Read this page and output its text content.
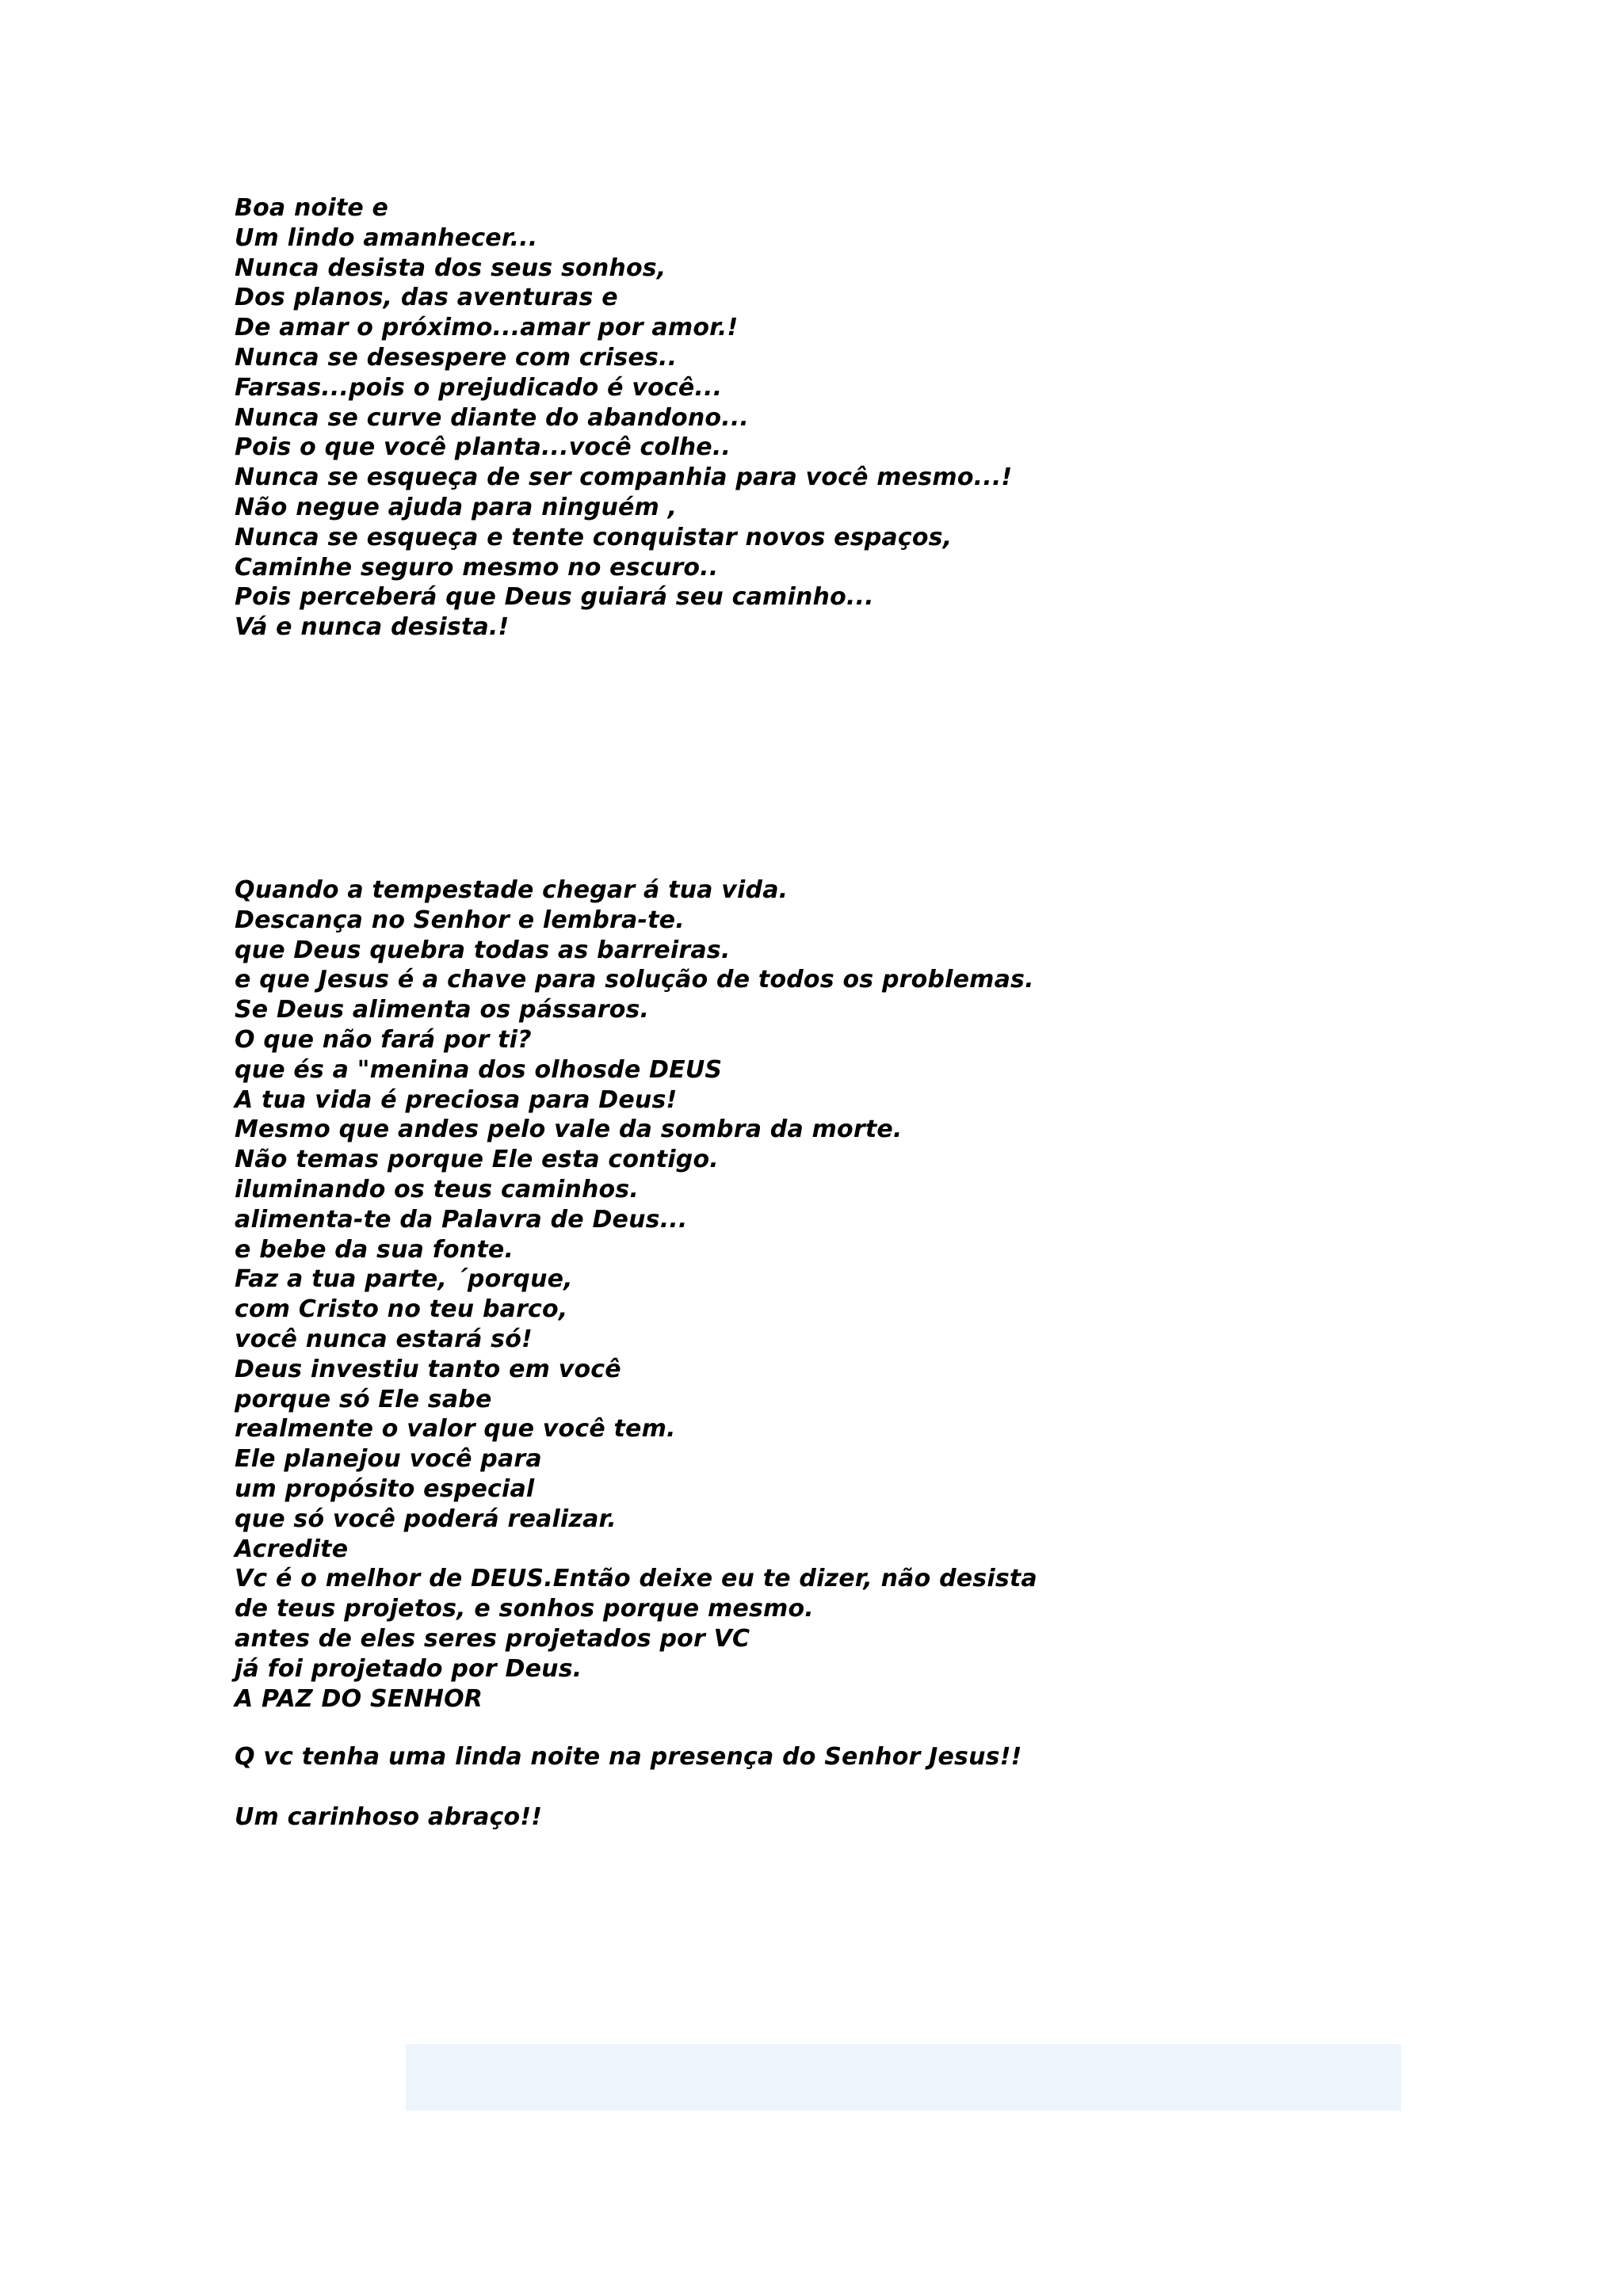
Boa noite e
Um lindo amanhecer...
Nunca desista dos seus sonhos,
Dos planos, das aventuras e
De amar o próximo...amar por amor.!
Nunca se desespere com crises..
Farsas...pois o prejudicado é você...
Nunca se curve diante do abandono...
Pois o que você planta...você colhe..
Nunca se esqueça de ser companhia para você mesmo...!
Não negue ajuda para ninguém ,
Nunca se esqueça e tente conquistar novos espaços,
Caminhe seguro mesmo no escuro..
Pois perceberá que Deus guiará seu caminho...
Vá e nunca desista.!
Quando a tempestade chegar á tua vida.
Descança no Senhor e lembra-te.
que Deus quebra todas as barreiras.
e que Jesus é a chave para solução de todos os problemas.
Se Deus alimenta os pássaros.
O que não fará por ti?
que és a "menina dos olhosde DEUS
A tua vida é preciosa para Deus!
Mesmo que andes pelo vale da sombra da morte.
Não temas porque Ele esta contigo.
iluminando os teus caminhos.
alimenta-te da Palavra de Deus...
e bebe da sua fonte.
Faz a tua parte, ´porque,
com Cristo no teu barco,
você nunca estará só!
Deus investiu tanto em você
porque só Ele sabe
realmente o valor que você tem.
Ele planejou você para
um propósito especial
que só você poderá realizar.
Acredite
Vc é o melhor de DEUS.Então deixe eu te dizer, não desista
de teus projetos, e sonhos porque mesmo.
antes de eles seres projetados por VC
já foi projetado por Deus.
A PAZ DO SENHOR
Q vc tenha uma linda noite na presença do Senhor Jesus!!
Um carinhoso abraço!!
